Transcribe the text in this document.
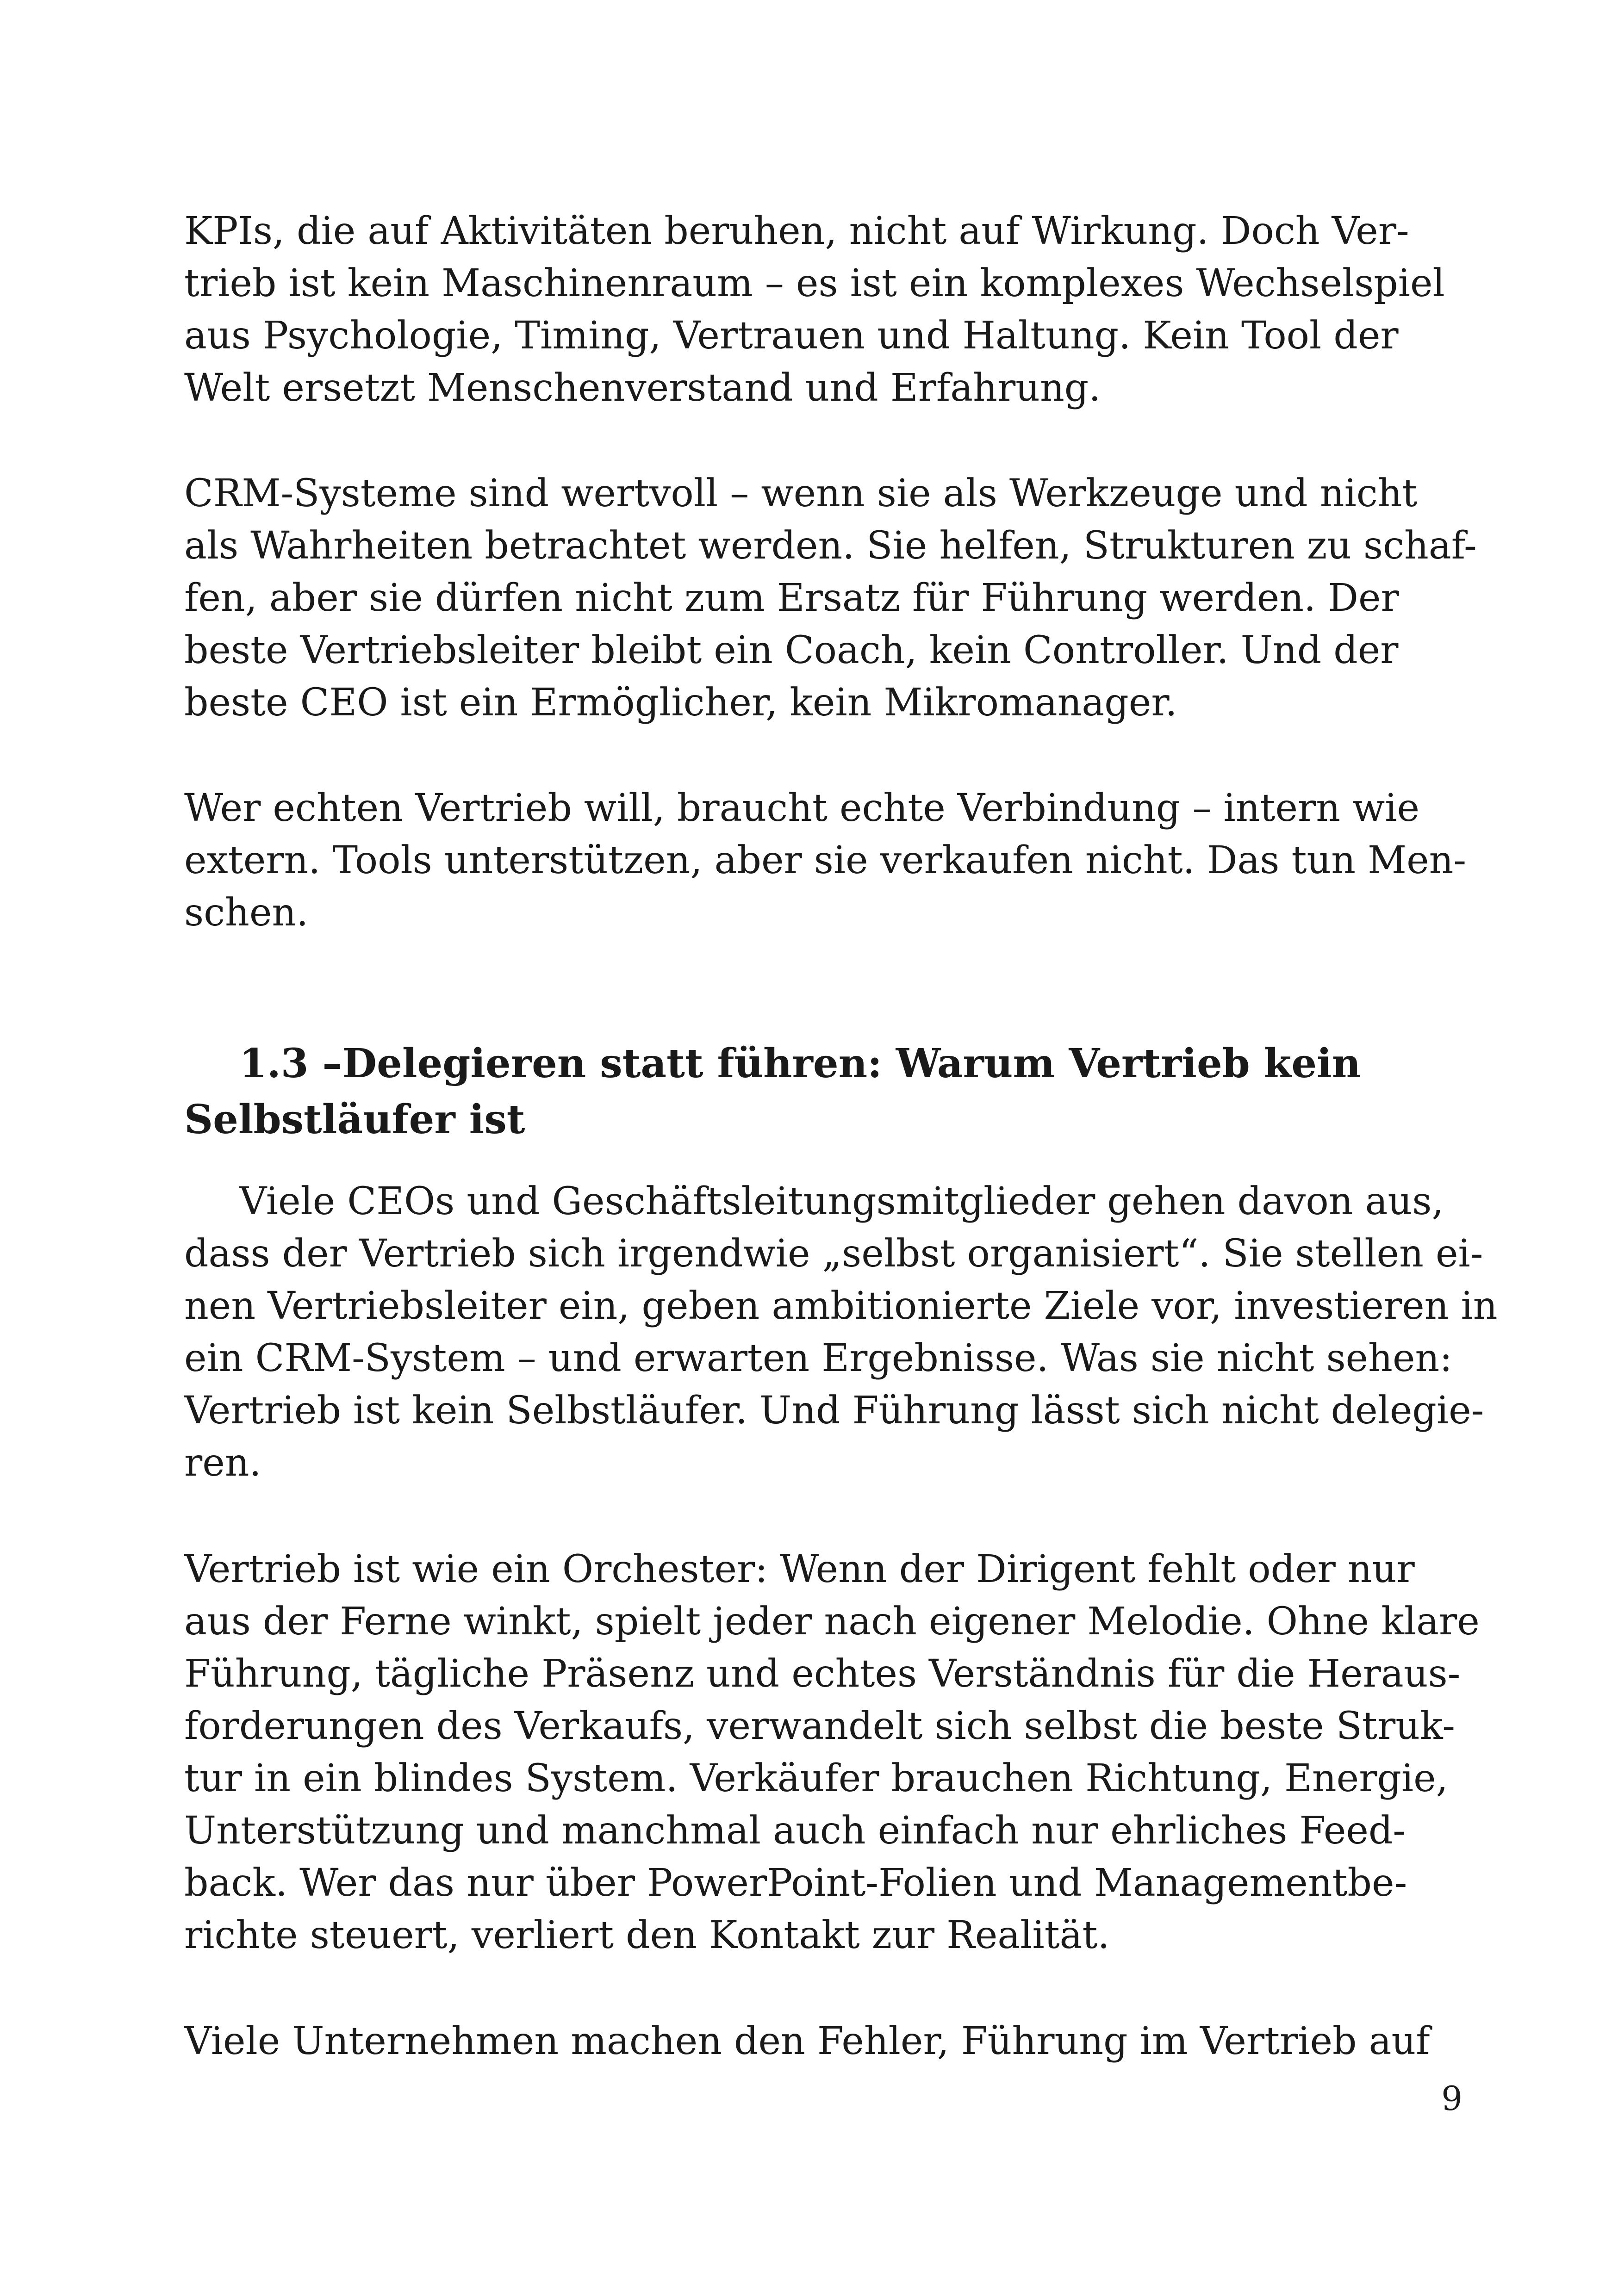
KPIs, die auf Aktivitäten beruhen, nicht auf Wirkung. Doch Ver-
trieb ist kein Maschinenraum – es ist ein komplexes Wechselspiel
aus Psychologie, Timing, Vertrauen und Haltung. Kein Tool der
Welt ersetzt Menschenverstand und Erfahrung.
CRM-Systeme sind wertvoll – wenn sie als Werkzeuge und nicht
als Wahrheiten betrachtet werden. Sie helfen, Strukturen zu schaf-
fen, aber sie dürfen nicht zum Ersatz für Führung werden. Der
beste Vertriebsleiter bleibt ein Coach, kein Controller. Und der
beste CEO ist ein Ermöglicher, kein Mikromanager.
Wer echten Vertrieb will, braucht echte Verbindung – intern wie
extern. Tools unterstützen, aber sie verkaufen nicht. Das tun Men-
schen.
1.3 –Delegieren statt führen: Warum Vertrieb kein
Selbstläufer ist
Viele CEOs und Geschäftsleitungsmitglieder gehen davon aus,
dass der Vertrieb sich irgendwie „selbst organisiert“. Sie stellen ei-
nen Vertriebsleiter ein, geben ambitionierte Ziele vor, investieren in
ein CRM-System – und erwarten Ergebnisse. Was sie nicht sehen:
Vertrieb ist kein Selbstläufer. Und Führung lässt sich nicht delegie-
ren.
Vertrieb ist wie ein Orchester: Wenn der Dirigent fehlt oder nur
aus der Ferne winkt, spielt jeder nach eigener Melodie. Ohne klare
Führung, tägliche Präsenz und echtes Verständnis für die Heraus-
forderungen des Verkaufs, verwandelt sich selbst die beste Struk-
tur in ein blindes System. Verkäufer brauchen Richtung, Energie,
Unterstützung und manchmal auch einfach nur ehrliches Feed-
back. Wer das nur über PowerPoint-Folien und Managementbe-
richte steuert, verliert den Kontakt zur Realität.
Viele Unternehmen machen den Fehler, Führung im Vertrieb auf
9
